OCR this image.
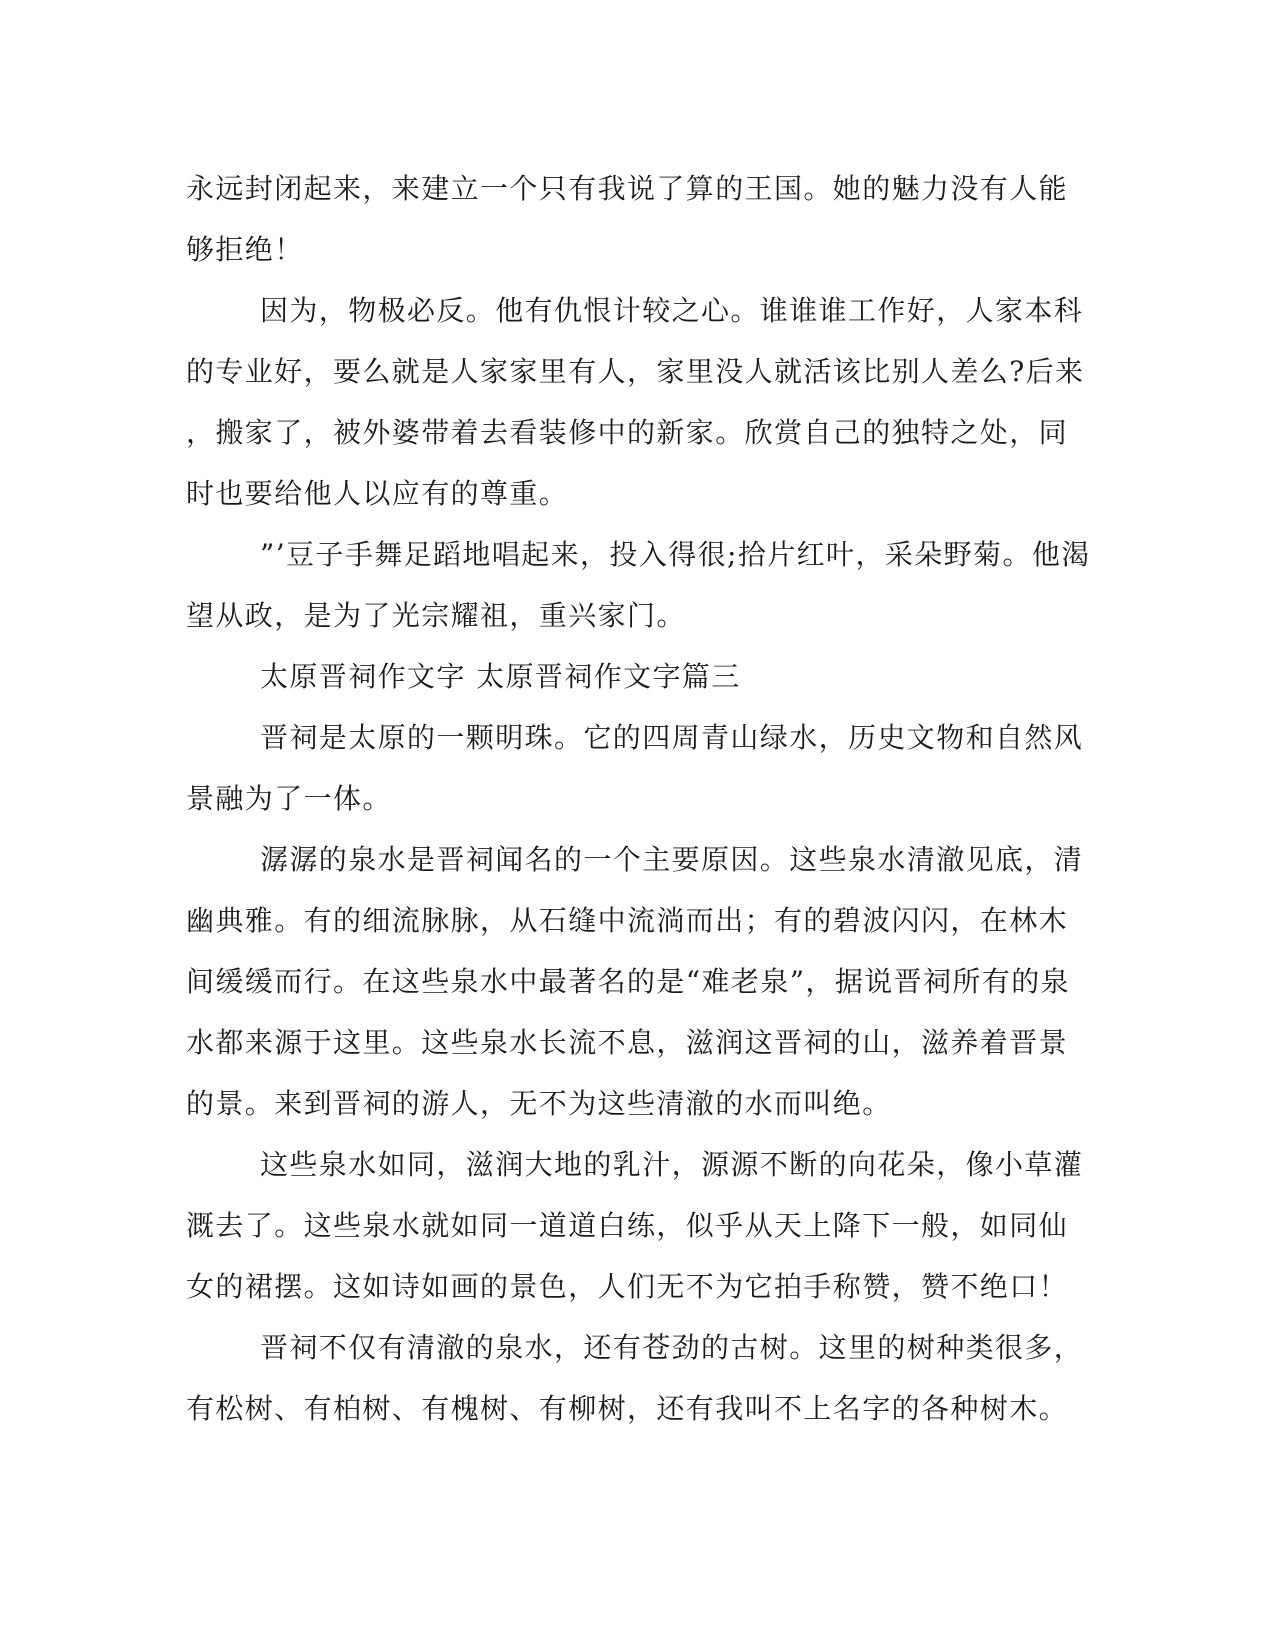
永远封闭起来，来建立一个只有我说了算的王国。她的魅力没有人能
够拒绝！
因为，物极必反。他有仇恨计较之心。谁谁谁工作好，人家本科
的专业好，要么就是人家家里有人，家里没人就活该比别人差么?后来
，搬家了，被外婆带着去看装修中的新家。欣赏自己的独特之处，同
时也要给他人以应有的尊重。
”’豆子手舞足蹈地唱起来，投入得很;拾片红叶，采朵野菊。他渴
望从政，是为了光宗耀祖，重兴家门。
太原晋祠作文字 太原晋祠作文字篇三
晋祠是太原的一颗明珠。它的四周青山绿水，历史文物和自然风
景融为了一体。
潺潺的泉水是晋祠闻名的一个主要原因。这些泉水清澈见底，清
幽典雅。有的细流脉脉，从石缝中流淌而出；有的碧波闪闪，在林木
间缓缓而行。在这些泉水中最著名的是“难老泉”，据说晋祠所有的泉
水都来源于这里。这些泉水长流不息，滋润这晋祠的山，滋养着晋景
的景。来到晋祠的游人，无不为这些清澈的水而叫绝。
这些泉水如同，滋润大地的乳汁，源源不断的向花朵，像小草灌
溉去了。这些泉水就如同一道道白练，似乎从天上降下一般，如同仙
女的裙摆。这如诗如画的景色，人们无不为它拍手称赞，赞不绝口！
晋祠不仅有清澈的泉水，还有苍劲的古树。这里的树种类很多，
有松树、有柏树、有槐树、有柳树，还有我叫不上名字的各种树木。
